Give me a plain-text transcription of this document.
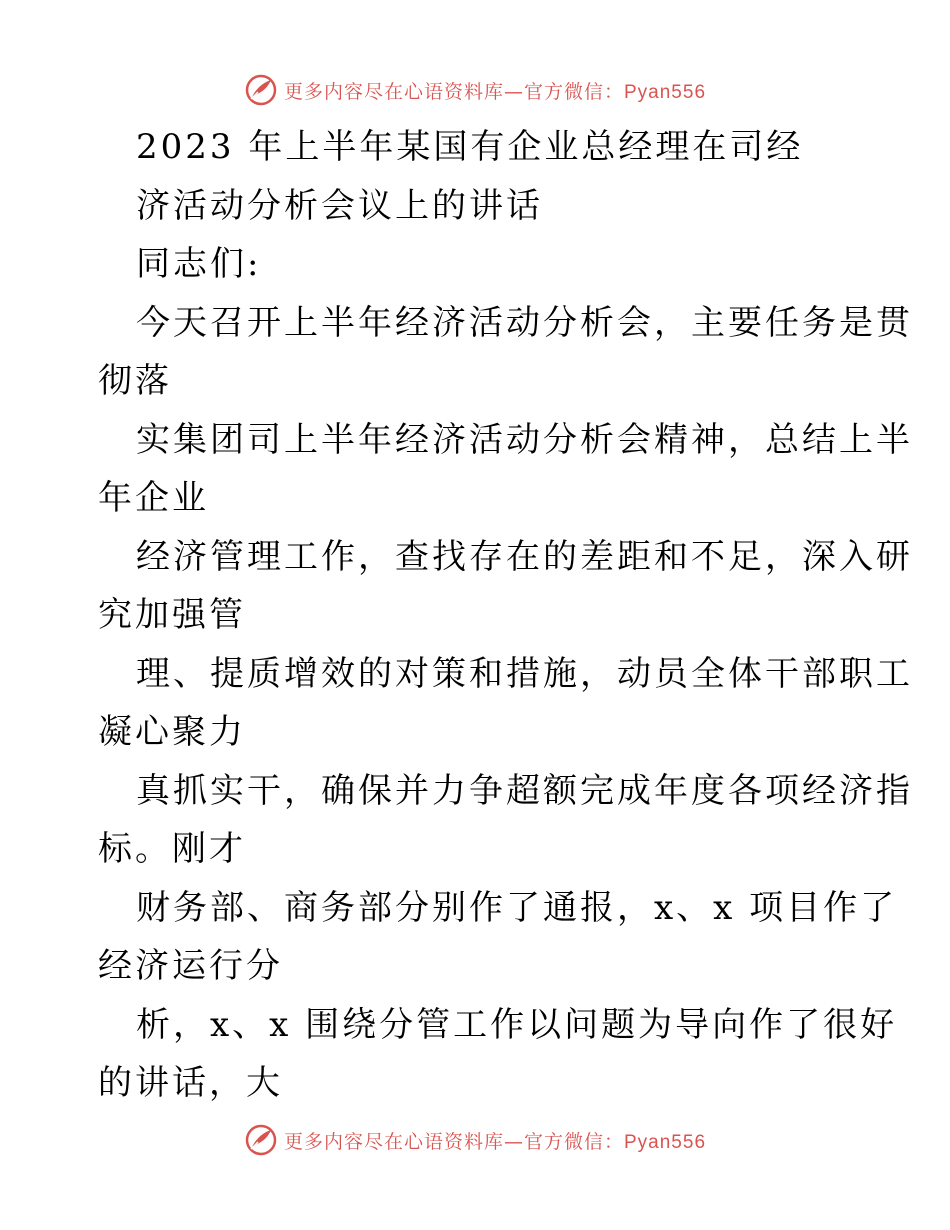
更多内容尽在心语资料库—官方微信：Pyan556
2023 年上半年某国有企业总经理在司经
济活动分析会议上的讲话
同志们:
今天召开上半年经济活动分析会，主要任务是贯
彻落
实集团司上半年经济活动分析会精神，总结上半
年企业
经济管理工作，查找存在的差距和不足，深入研
究加强管
理、提质增效的对策和措施，动员全体干部职工
凝心聚力
真抓实干，确保并力争超额完成年度各项经济指
标。刚才
财务部、商务部分别作了通报，x、x 项目作了
经济运行分
析，x、x 围绕分管工作以问题为导向作了很好
的讲话，大
更多内容尽在心语资料库—官方微信：Pyan556
